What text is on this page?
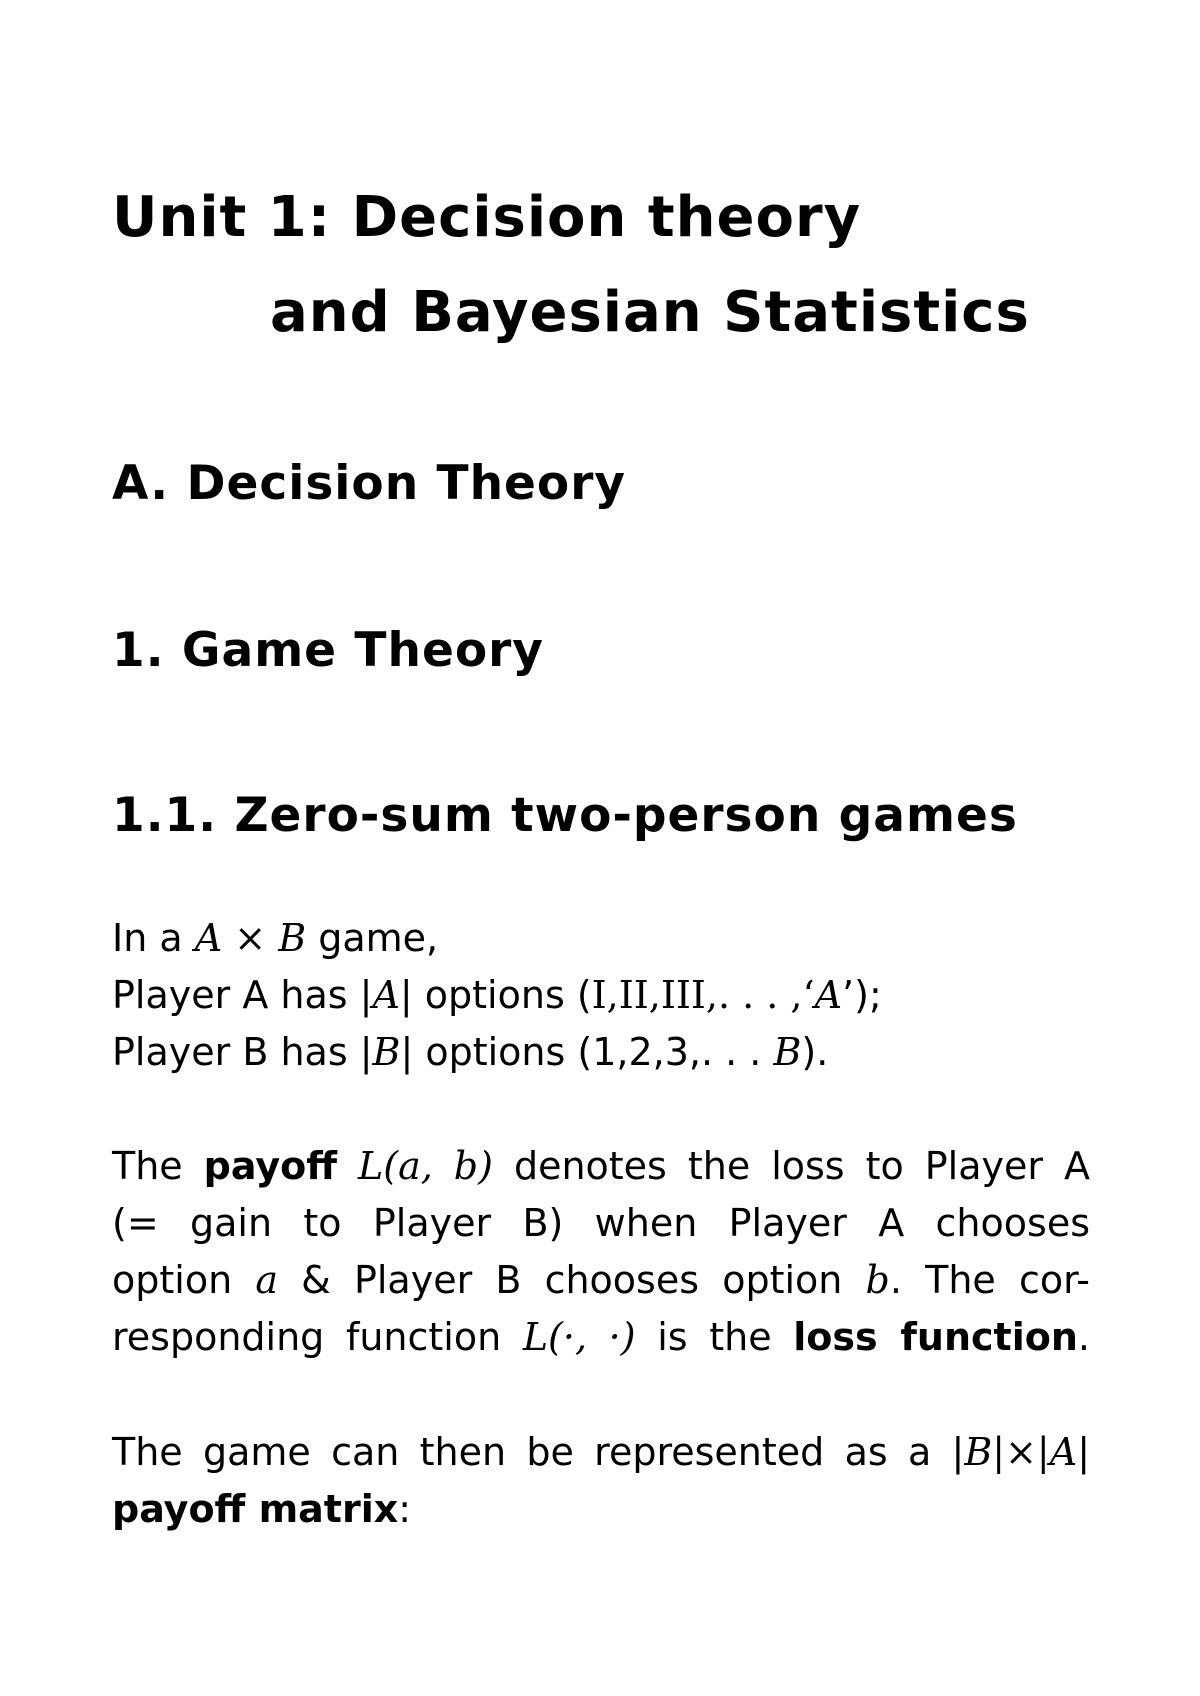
Unit 1: Decision theory
and Bayesian Statistics
A. Decision Theory
1. Game Theory
1.1. Zero-sum two-person games
In a A × B game,
Player A has |A| options (I,II,III,. . . ,‘A’);
Player B has |B| options (1,2,3,. . . B).
The payoff L(a, b) denotes the loss to Player A
(= gain to Player B) when Player A chooses
option a & Player B chooses option b. The cor-
responding function L(·, ·) is the loss function.
The game can then be represented as a |B|×|A|
payoff matrix:
